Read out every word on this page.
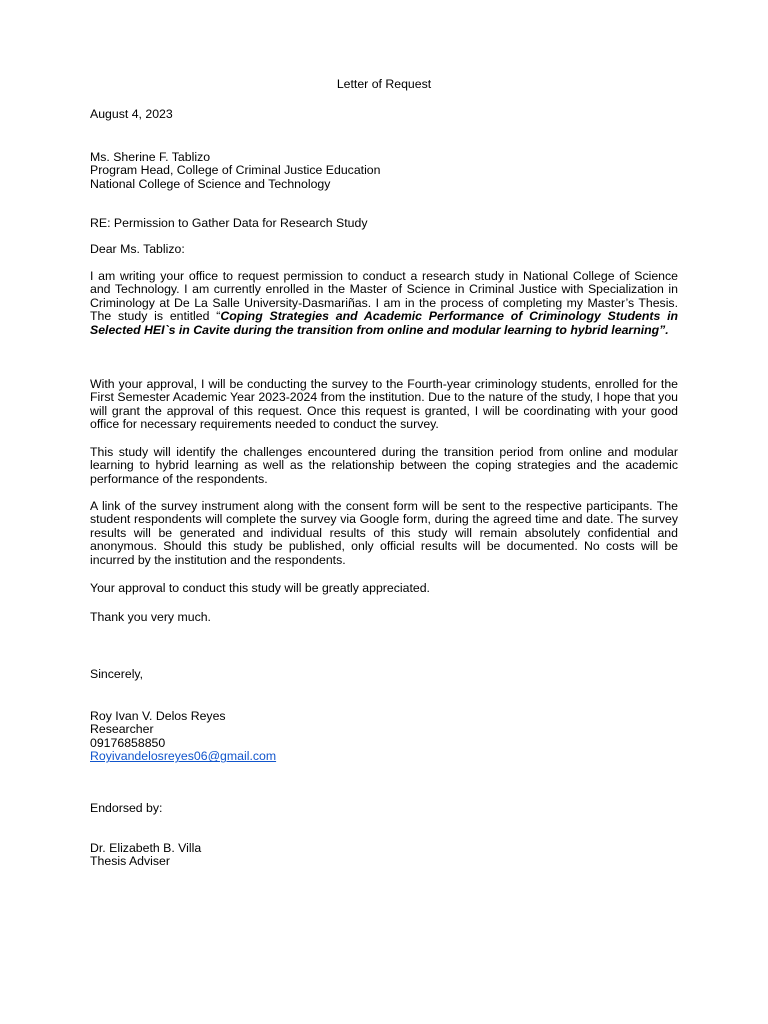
Letter of Request
August 4, 2023
Ms. Sherine F. Tablizo
Program Head, College of Criminal Justice Education
National College of Science and Technology
RE: Permission to Gather Data for Research Study
Dear Ms. Tablizo:
I am writing your office to request permission to conduct a research study in National College of Science and Technology. I am currently enrolled in the Master of Science in Criminal Justice with Specialization in Criminology at De La Salle University-Dasmariñas. I am in the process of completing my Master’s Thesis. The study is entitled “Coping Strategies and Academic Performance of Criminology Students in Selected HEI`s in Cavite during the transition from online and modular learning to hybrid learning”.
With your approval, I will be conducting the survey to the Fourth-year criminology students, enrolled for the First Semester Academic Year 2023-2024 from the institution. Due to the nature of the study, I hope that you will grant the approval of this request. Once this request is granted, I will be coordinating with your good office for necessary requirements needed to conduct the survey.
This study will identify the challenges encountered during the transition period from online and modular learning to hybrid learning as well as the relationship between the coping strategies and the academic performance of the respondents.
A link of the survey instrument along with the consent form will be sent to the respective participants. The student respondents will complete the survey via Google form, during the agreed time and date. The survey results will be generated and individual results of this study will remain absolutely confidential and anonymous. Should this study be published, only official results will be documented. No costs will be incurred by the institution and the respondents.
Your approval to conduct this study will be greatly appreciated.
Thank you very much.
Sincerely,
Roy Ivan V. Delos Reyes
Researcher
09176858850
Royivandelosreyes06@gmail.com
Endorsed by:
Dr. Elizabeth B. Villa
Thesis Adviser
